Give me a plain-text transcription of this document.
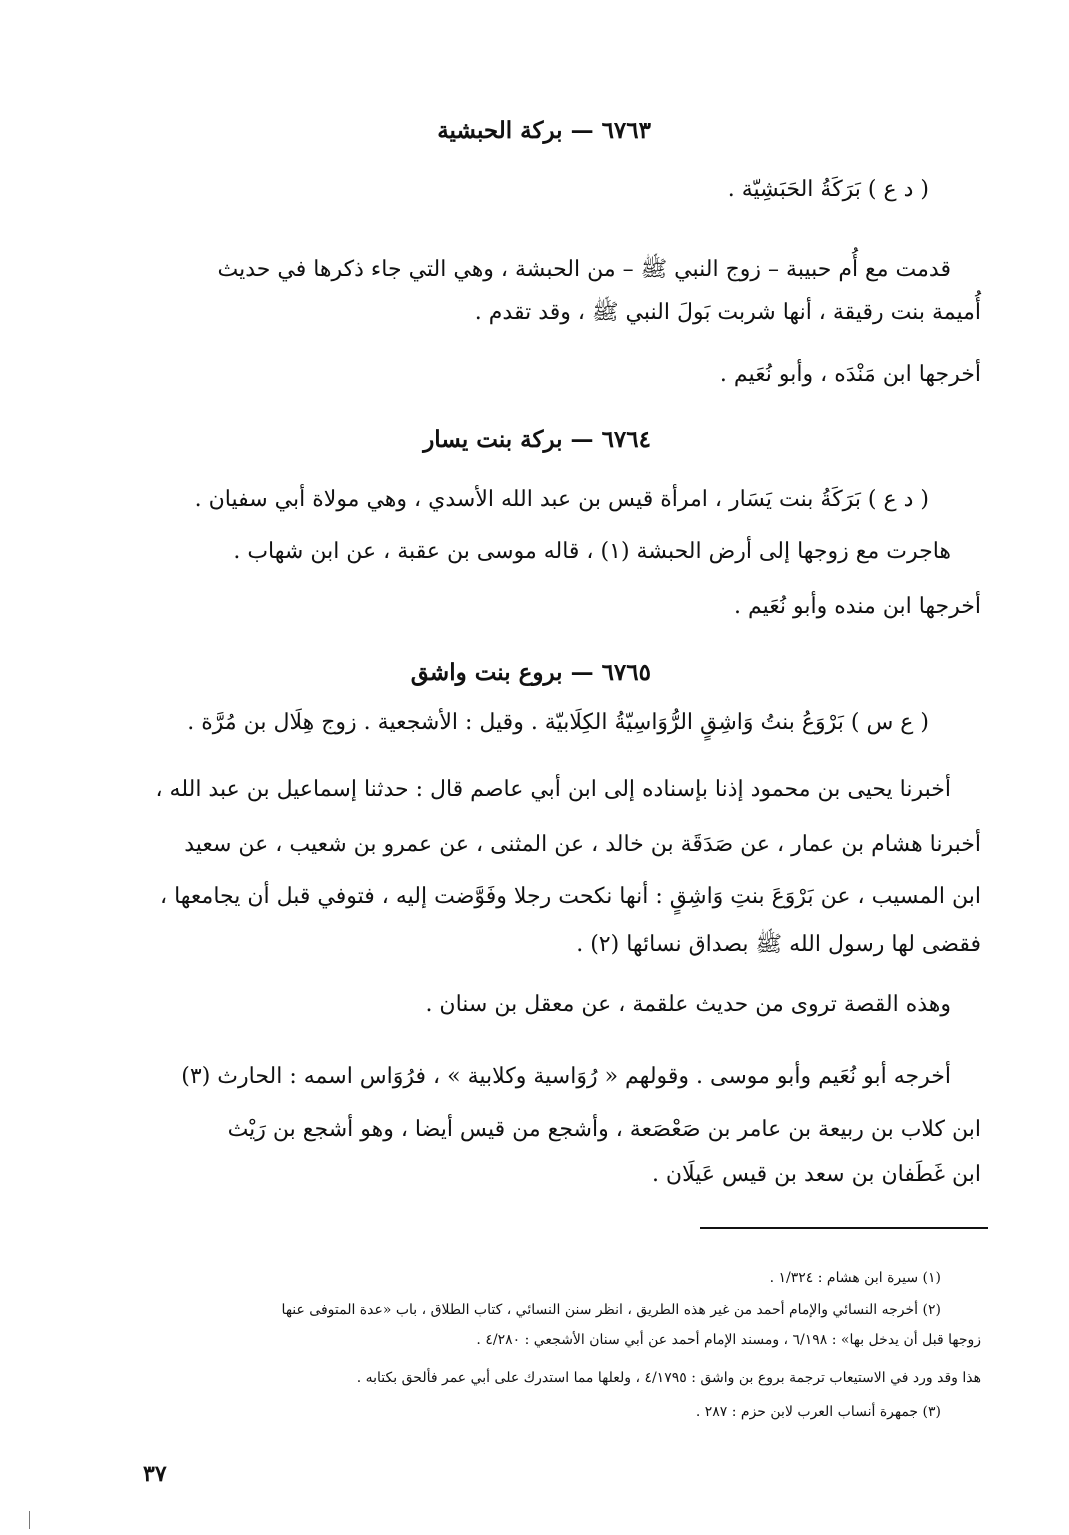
٦٧٦٣ — بركة الحبشية
( د ع ) بَرَكَةُ الحَبَشِيّة .
قدمت مع أُم حبيبة – زوج النبي ﷺ – من الحبشة ، وهي التي جاء ذكرها في حديث
أُميمة بنت رقيقة ، أنها شربت بَولَ النبي ﷺ ، وقد تقدم .
أخرجها ابن مَنْدَه ، وأبو نُعَيم .
٦٧٦٤ — بركة بنت يسار
( د ع ) بَرَكَةُ بنت يَسَار ، امرأة قيس بن عبد الله الأسدي ، وهي مولاة أبي سفيان .
هاجرت مع زوجها إلى أرض الحبشة (١) ، قاله موسى بن عقبة ، عن ابن شهاب .
أخرجها ابن منده وأبو نُعَيم .
٦٧٦٥ — بروع بنت واشق
( ع س ) بَرْوَعُ بنتُ وَاشِقٍ الرُّوَاسِيّةُ الكِلَابيّة . وقيل : الأشجعية . زوج هِلَال بن مُرَّة .
أخبرنا يحيى بن محمود إذنا بإسناده إلى ابن أبي عاصم قال : حدثنا إسماعيل بن عبد الله ،
أخبرنا هشام بن عمار ، عن صَدَقَة بن خالد ، عن المثنى ، عن عمرو بن شعيب ، عن سعيد
ابن المسيب ، عن بَرْوَعَ بنتِ وَاشِقٍ : أنها نكحت رجلا وفَوَّضت إليه ، فتوفي قبل أن يجامعها ،
فقضى لها رسول الله ﷺ بصداق نسائها (٢) .
وهذه القصة تروى من حديث علقمة ، عن معقل بن سنان .
أخرجه أبو نُعَيم وأبو موسى . وقولهم « رُوَاسية وكلابية » ، فرُوَاس اسمه : الحارث (٣)
ابن كلاب بن ربيعة بن عامر بن صَعْصَعة ، وأشجع من قيس أيضا ، وهو أشجع بن رَيْث
ابن غَطَفان بن سعد بن قيس عَيلَان .
(١) سيرة ابن هشام : ١/٣٢٤ .
(٢) أخرجه النسائي والإمام أحمد من غير هذه الطريق ، انظر سنن النسائي ، كتاب الطلاق ، باب «عدة المتوفى عنها
زوجها قبل أن يدخل بها» : ٦/١٩٨ ، ومسند الإمام أحمد عن أبي سنان الأشجعي : ٤/٢٨٠ .
هذا وقد ورد في الاستيعاب ترجمة بروع بن واشق : ٤/١٧٩٥ ، ولعلها مما استدرك على أبي عمر فألحق بكتابه .
(٣) جمهرة أنساب العرب لابن حزم : ٢٨٧ .
٣٧
